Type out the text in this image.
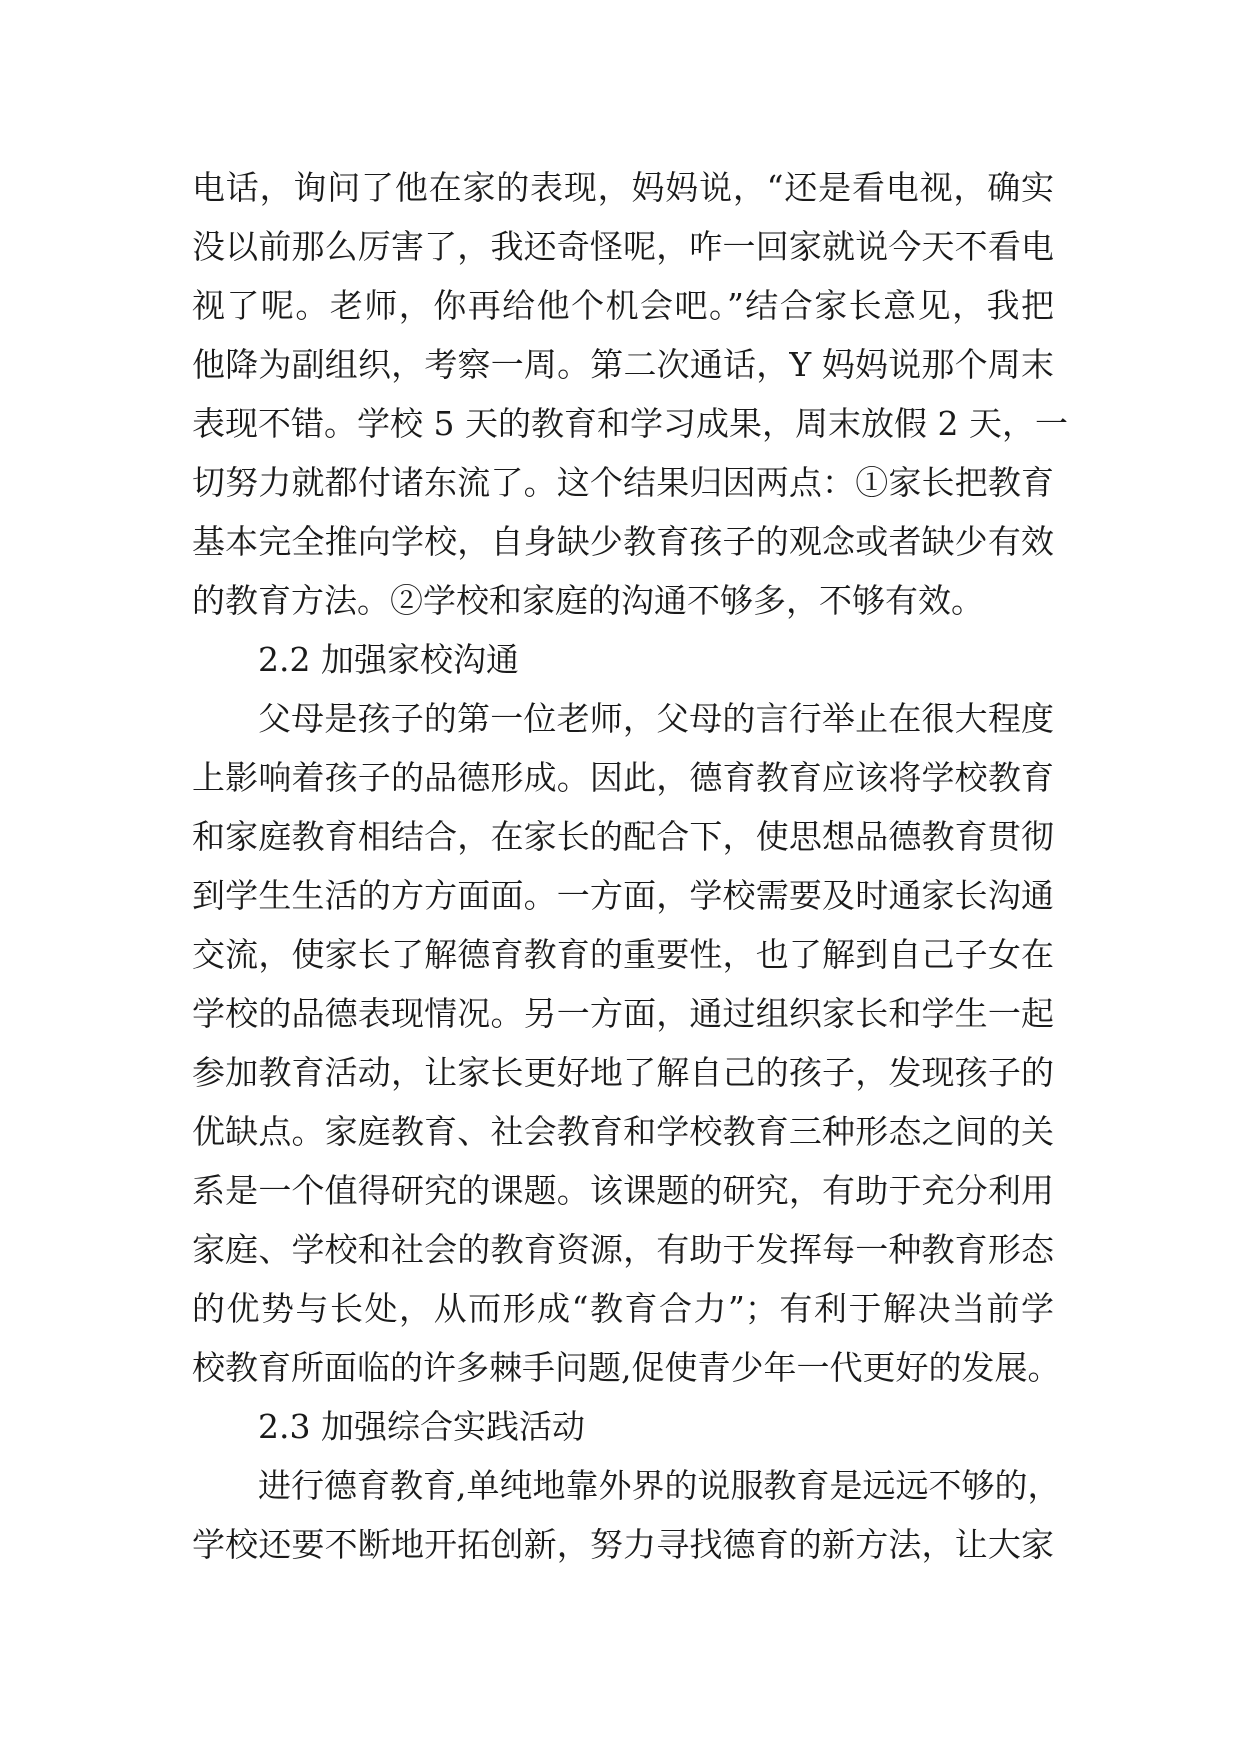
电话，询问了他在家的表现，妈妈说，“还是看电视，确实
没以前那么厉害了，我还奇怪呢，咋一回家就说今天不看电
视了呢。老师，你再给他个机会吧。”结合家长意见，我把
他降为副组织，考察一周。第二次通话，Y 妈妈说那个周末
表现不错。学校 5 天的教育和学习成果，周末放假 2 天，一
切努力就都付诸东流了。这个结果归因两点：①家长把教育
基本完全推向学校，自身缺少教育孩子的观念或者缺少有效
的教育方法。②学校和家庭的沟通不够多，不够有效。
2.2 加强家校沟通
父母是孩子的第一位老师，父母的言行举止在很大程度
上影响着孩子的品德形成。因此，德育教育应该将学校教育
和家庭教育相结合，在家长的配合下，使思想品德教育贯彻
到学生生活的方方面面。一方面，学校需要及时通家长沟通
交流，使家长了解德育教育的重要性，也了解到自己子女在
学校的品德表现情况。另一方面，通过组织家长和学生一起
参加教育活动，让家长更好地了解自己的孩子，发现孩子的
优缺点。家庭教育、社会教育和学校教育三种形态之间的关
系是一个值得研究的课题。该课题的研究，有助于充分利用
家庭、学校和社会的教育资源，有助于发挥每一种教育形态
的优势与长处，从而形成“教育合力”；有利于解决当前学
校教育所面临的许多棘手问题,促使青少年一代更好的发展。
2.3 加强综合实践活动
进行德育教育,单纯地靠外界的说服教育是远远不够的，
学校还要不断地开拓创新，努力寻找德育的新方法，让大家
